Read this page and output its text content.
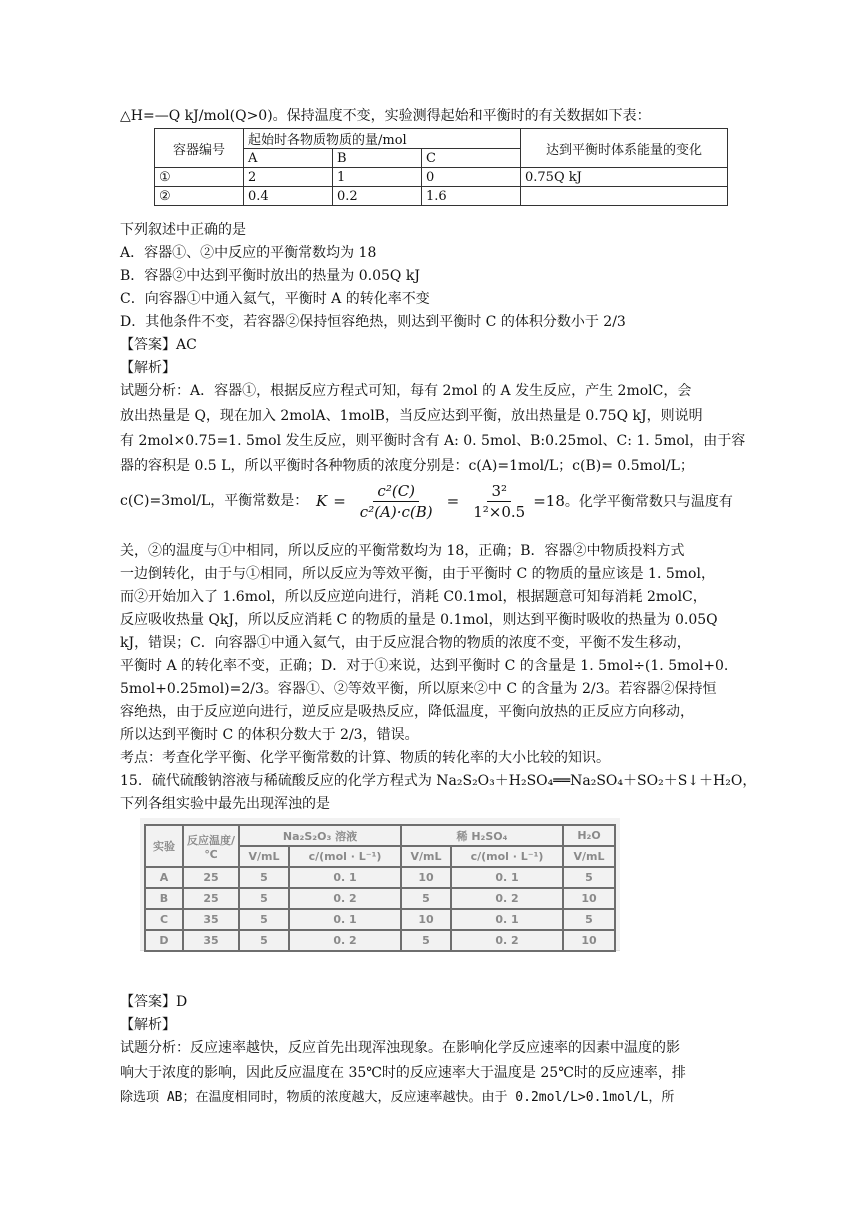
△H=—Q kJ/mol(Q>0)。保持温度不变，实验测得起始和平衡时的有关数据如下表：
容器编号	起始时各物质物质的量/mol			达到平衡时体系能量的变化
	A	B	C	
①	2	1	0	0.75Q kJ
②	0.4	0.2	1.6	
下列叙述中正确的是
A．容器①、②中反应的平衡常数均为 18
B．容器②中达到平衡时放出的热量为 0.05Q kJ
C．向容器①中通入氦气，平衡时 A 的转化率不变
D．其他条件不变，若容器②保持恒容绝热，则达到平衡时 C 的体积分数小于 2/3
【答案】AC
【解析】
试题分析：A．容器①，根据反应方程式可知，每有 2mol 的 A 发生反应，产生 2molC，会
放出热量是 Q，现在加入 2molA、1molB，当反应达到平衡，放出热量是 0.75Q kJ，则说明
有 2mol×0.75=1. 5mol 发生反应，则平衡时含有 A: 0. 5mol、B:0.25mol、C: 1. 5mol，由于容
器的容积是 0.5 L，所以平衡时各种物质的浓度分别是：c(A)=1mol/L；c(B)= 0.5mol/L；
c(C)=3mol/L，平衡常数是： $K = \frac{\text{c²(C)}}{\text{c²(A)·c(B)}} = \frac{\text{3²}}{\text{1²×0.5}} =18$ 。化学平衡常数只与温度有
关，②的温度与①中相同，所以反应的平衡常数均为 18，正确；B．容器②中物质投料方式
一边倒转化，由于与①相同，所以反应为等效平衡，由于平衡时 C 的物质的量应该是 1. 5mol，
而②开始加入了 1.6mol，所以反应逆向进行，消耗 C0.1mol，根据题意可知每消耗 2molC，
反应吸收热量 QkJ，所以反应消耗 C 的物质的量是 0.1mol，则达到平衡时吸收的热量为 0.05Q
kJ，错误；C．向容器①中通入氦气，由于反应混合物的物质的浓度不变，平衡不发生移动，
平衡时 A 的转化率不变，正确；D．对于①来说，达到平衡时 C 的含量是 1. 5mol÷(1. 5mol+0.
5mol+0.25mol)=2/3。容器①、②等效平衡，所以原来②中 C 的含量为 2/3。若容器②保持恒
容绝热，由于反应逆向进行，逆反应是吸热反应，降低温度，平衡向放热的正反应方向移动，
所以达到平衡时 C 的体积分数大于 2/3，错误。
考点：考查化学平衡、化学平衡常数的计算、物质的转化率的大小比较的知识。
15．硫代硫酸钠溶液与稀硫酸反应的化学方程式为 Na₂S₂O₃＋H₂SO₄══Na₂SO₄＋SO₂＋S↓＋H₂O，
下列各组实验中最先出现浑浊的是
实验	反应温度/℃	Na₂S₂O₃ 溶液		稀 H₂SO₄		H₂O
		V/mL	c/(mol · L⁻¹)	V/mL	c/(mol · L⁻¹)	V/mL
A	25	5	0. 1	10	0. 1	5
B	25	5	0. 2	5	0. 2	10
C	35	5	0. 1	10	0. 1	5
D	35	5	0. 2	5	0. 2	10
【答案】D
【解析】
试题分析：反应速率越快，反应首先出现浑浊现象。在影响化学反应速率的因素中温度的影
响大于浓度的影响，因此反应温度在 35℃时的反应速率大于温度是 25℃时的反应速率，排
除选项 AB；在温度相同时，物质的浓度越大，反应速率越快。由于 0.2mol/L>0.1mol/L，所
